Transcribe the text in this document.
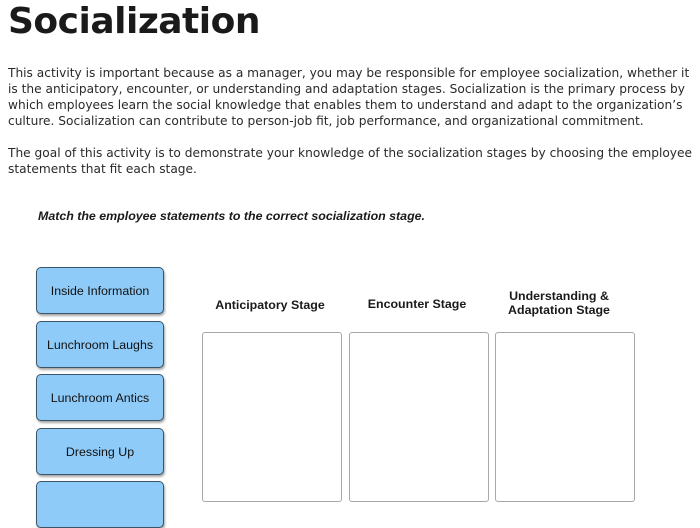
Socialization

This activity is important because as a manager, you may be responsible for employee socialization, whether it is the anticipatory, encounter, or understanding and adaptation stages. Socialization is the primary process by which employees learn the social knowledge that enables them to understand and adapt to the organization’s culture. Socialization can contribute to person-job fit, job performance, and organizational commitment.

The goal of this activity is to demonstrate your knowledge of the socialization stages by choosing the employee statements that fit each stage.

Match the employee statements to the correct socialization stage.

Inside Information
Lunchroom Laughs
Lunchroom Antics
Dressing Up
Anticipatory Stage	Encounter Stage
Understanding &
Adaptation Stage
